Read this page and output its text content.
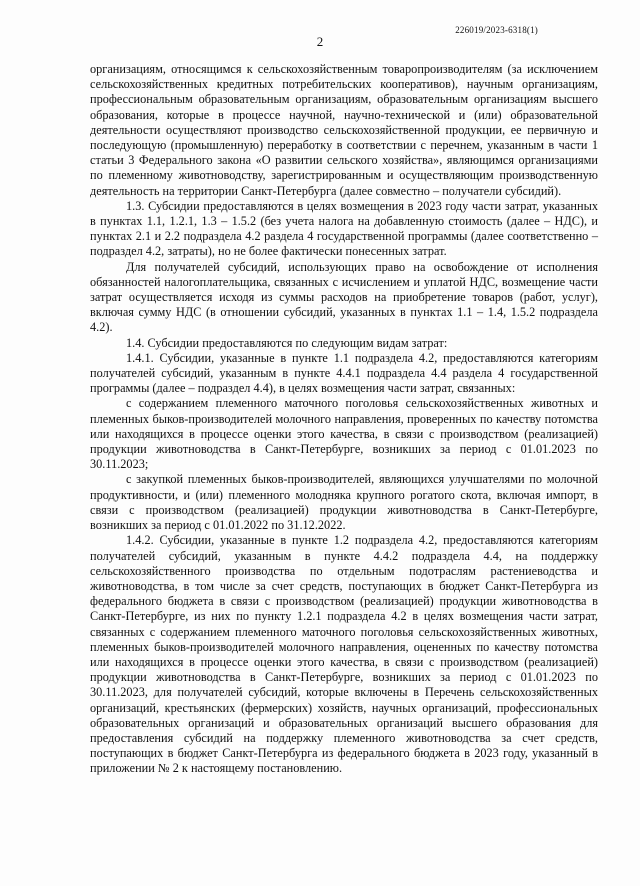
226019/2023-6318(1)
2

организациям, относящимся к сельскохозяйственным товаропроизводителям (за исключением сельскохозяйственных кредитных потребительских кооперативов), научным организациям, профессиональным образовательным организациям, образовательным организациям высшего образования, которые в процессе научной, научно-технической и (или) образовательной деятельности осуществляют производство сельскохозяйственной продукции, ее первичную и последующую (промышленную) переработку в соответствии с перечнем, указанным в части 1 статьи 3 Федерального закона «О развитии сельского хозяйства», являющимся организациями по племенному животноводству, зарегистрированным и осуществляющим производственную деятельность на территории Санкт-Петербурга (далее совместно – получатели субсидий).

1.3. Субсидии предоставляются в целях возмещения в 2023 году части затрат, указанных в пунктах 1.1, 1.2.1, 1.3 – 1.5.2 (без учета налога на добавленную стоимость (далее – НДС), и пунктах 2.1 и 2.2 подраздела 4.2 раздела 4 государственной программы (далее соответственно – подраздел 4.2, затраты), но не более фактически понесенных затрат.

Для получателей субсидий, использующих право на освобождение от исполнения обязанностей налогоплательщика, связанных с исчислением и уплатой НДС, возмещение части затрат осуществляется исходя из суммы расходов на приобретение товаров (работ, услуг), включая сумму НДС (в отношении субсидий, указанных в пунктах 1.1 – 1.4, 1.5.2 подраздела 4.2).

1.4. Субсидии предоставляются по следующим видам затрат:

1.4.1. Субсидии, указанные в пункте 1.1 подраздела 4.2, предоставляются категориям получателей субсидий, указанным в пункте 4.4.1 подраздела 4.4 раздела 4 государственной программы (далее – подраздел 4.4), в целях возмещения части затрат, связанных:

с содержанием племенного маточного поголовья сельскохозяйственных животных и племенных быков-производителей молочного направления, проверенных по качеству потомства или находящихся в процессе оценки этого качества, в связи с производством (реализацией) продукции животноводства в Санкт-Петербурге, возникших за период с 01.01.2023 по 30.11.2023;

с закупкой племенных быков-производителей, являющихся улучшателями по молочной продуктивности, и (или) племенного молодняка крупного рогатого скота, включая импорт, в связи с производством (реализацией) продукции животноводства в Санкт-Петербурге, возникших за период с 01.01.2022 по 31.12.2022.

1.4.2. Субсидии, указанные в пункте 1.2 подраздела 4.2, предоставляются категориям получателей субсидий, указанным в пункте 4.4.2 подраздела 4.4, на поддержку сельскохозяйственного производства по отдельным подотраслям растениеводства и животноводства, в том числе за счет средств, поступающих в бюджет Санкт-Петербурга из федерального бюджета в связи с производством (реализацией) продукции животноводства в Санкт-Петербурге, из них по пункту 1.2.1 подраздела 4.2 в целях возмещения части затрат, связанных с содержанием племенного маточного поголовья сельскохозяйственных животных, племенных быков-производителей молочного направления, оцененных по качеству потомства или находящихся в процессе оценки этого качества, в связи с производством (реализацией) продукции животноводства в Санкт-Петербурге, возникших за период с 01.01.2023 по 30.11.2023, для получателей субсидий, которые включены в Перечень сельскохозяйственных организаций, крестьянских (фермерских) хозяйств, научных организаций, профессиональных образовательных организаций и образовательных организаций высшего образования для предоставления субсидий на поддержку племенного животноводства за счет средств, поступающих в бюджет Санкт-Петербурга из федерального бюджета в 2023 году, указанный в приложении № 2 к настоящему постановлению.
